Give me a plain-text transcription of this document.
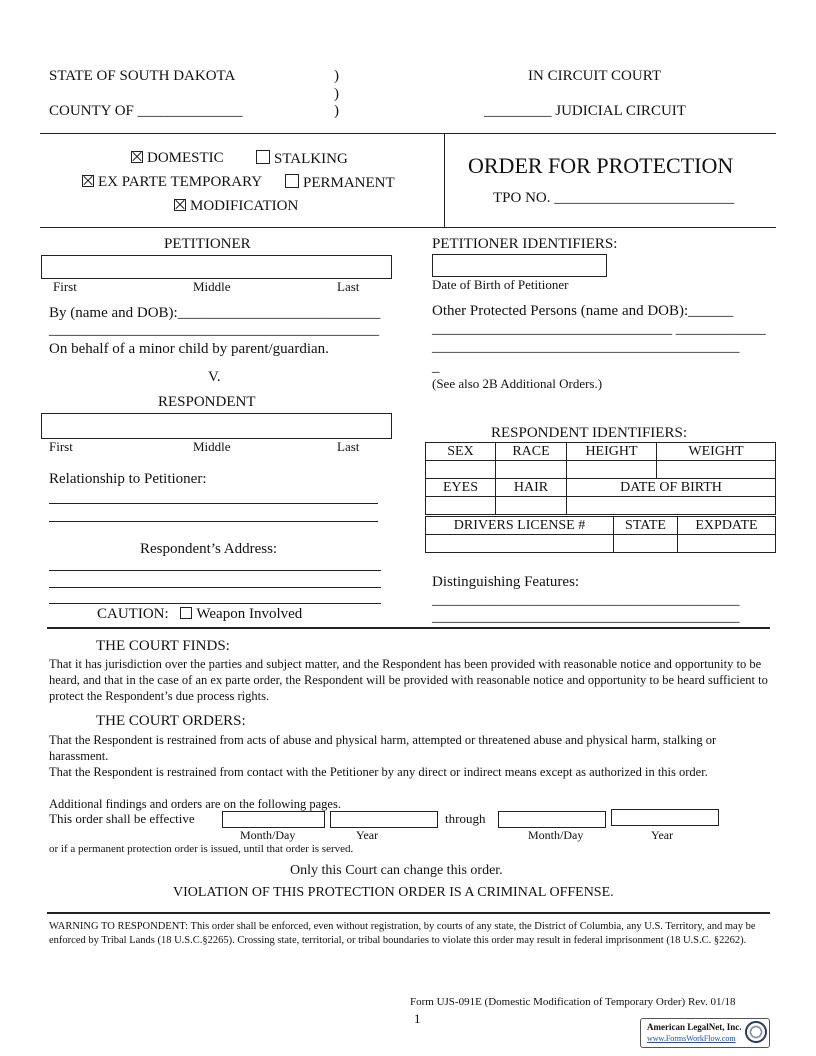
STATE OF SOUTH DAKOTA
COUNTY OF ______________
)
)
)
IN CIRCUIT COURT
_________ JUDICIAL CIRCUIT
DOMESTIC	STALKING
EX PARTE TEMPORARY	PERMANENT
MODIFICATION
ORDER FOR PROTECTION
TPO NO. ________________________
PETITIONER
First	Middle	Last
By (name and DOB):___________________________
____________________________________________
On behalf of a minor child by parent/guardian.
V.
RESPONDENT
First	Middle	Last
Relationship to Petitioner:
Respondent’s Address:
CAUTION: Weapon Involved
PETITIONER IDENTIFIERS:
Date of Birth of Petitioner
Other Protected Persons (name and DOB):______
________________________________ ____________
_________________________________________
_
(See also 2B Additional Orders.)
RESPONDENT IDENTIFIERS:
SEX	RACE	HEIGHT	WEIGHT

EYES	HAIR	DATE OF BIRTH	

DRIVERS LICENSE #	STATE	EXPDATE

Distinguishing Features:
_________________________________________
_________________________________________
THE COURT FINDS:
That it has jurisdiction over the parties and subject matter, and the Respondent has been provided with reasonable notice and opportunity to be heard, and that in the case of an ex parte order, the Respondent will be provided with reasonable notice and opportunity to be heard sufficient to protect the Respondent’s due process rights.
THE COURT ORDERS:
That the Respondent is restrained from acts of abuse and physical harm, attempted or threatened abuse and physical harm, stalking or harassment.
That the Respondent is restrained from contact with the Petitioner by any direct or indirect means except as authorized in this order.
Additional findings and orders are on the following pages.
This order shall be effective	through
Month/Day	Year	Month/Day	Year
or if a permanent protection order is issued, until that order is served.
Only this Court can change this order.
VIOLATION OF THIS PROTECTION ORDER IS A CRIMINAL OFFENSE.
WARNING TO RESPONDENT: This order shall be enforced, even without registration, by courts of any state, the District of Columbia, any U.S. Territory, and may be enforced by Tribal Lands (18 U.S.C.§2265). Crossing state, territorial, or tribal boundaries to violate this order may result in federal imprisonment (18 U.S.C. §2262).
Form UJS-091E (Domestic Modification of Temporary Order) Rev. 01/18
1
American LegalNet, Inc.
www.FormsWorkFlow.com
